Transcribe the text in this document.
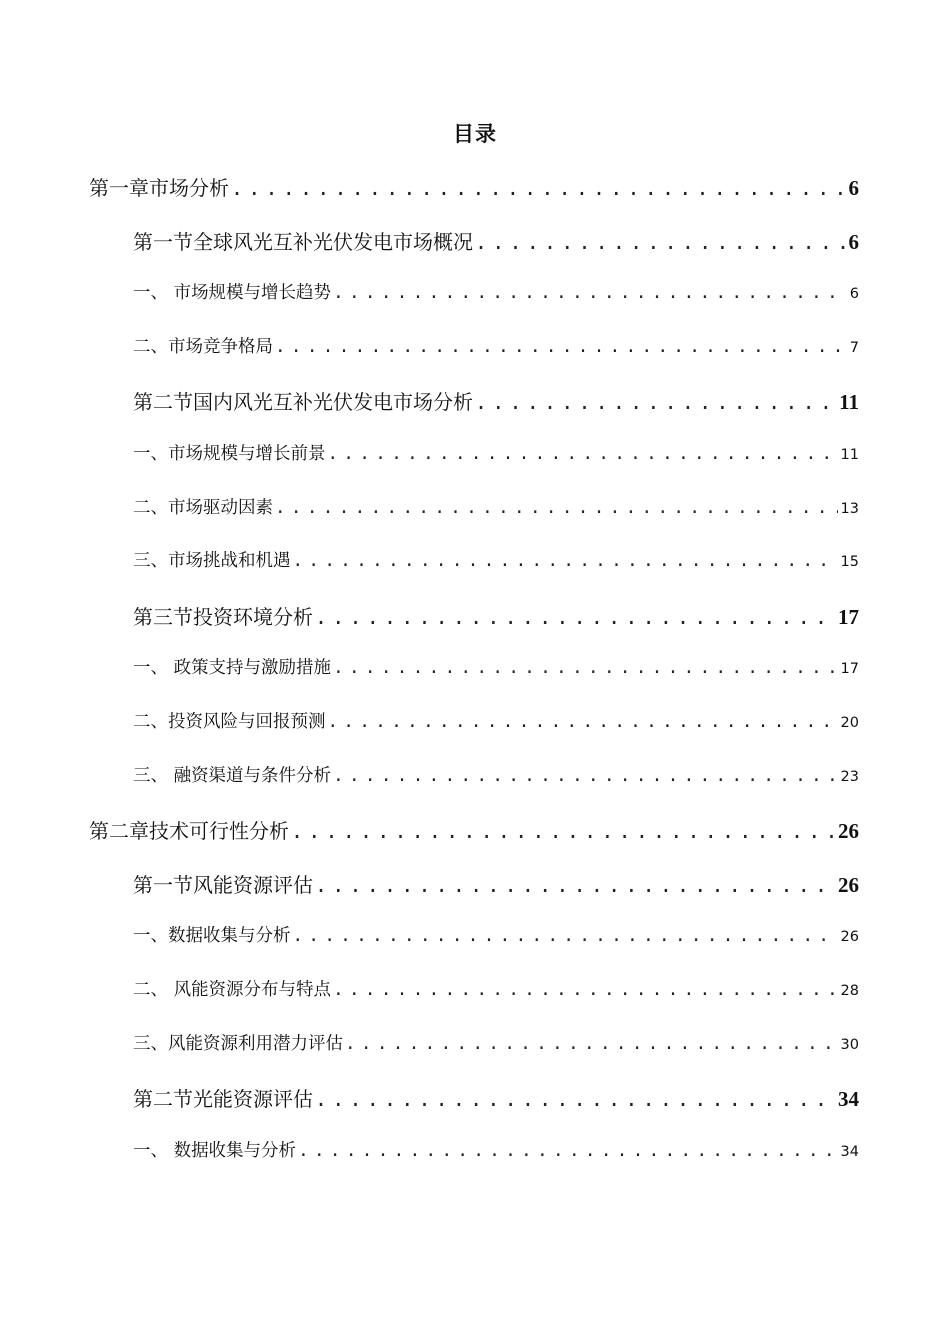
目录
第一章市场分析 .....	6
第一节全球风光互补光伏发电市场概况 .....	6
一、 市场规模与增长趋势 .....	6
二、市场竞争格局 .....	7
第二节国内风光互补光伏发电市场分析 .....	11
一、市场规模与增长前景 .....	11
二、市场驱动因素 .....	13
三、市场挑战和机遇 .....	15
第三节投资环境分析 .....	17
一、 政策支持与激励措施 .....	17
二、投资风险与回报预测 .....	20
三、 融资渠道与条件分析 .....	23
第二章技术可行性分析 .....	26
第一节风能资源评估 .....	26
一、数据收集与分析 .....	26
二、 风能资源分布与特点 .....	28
三、风能资源利用潜力评估 .....	30
第二节光能资源评估 .....	34
一、 数据收集与分析 .....	34
